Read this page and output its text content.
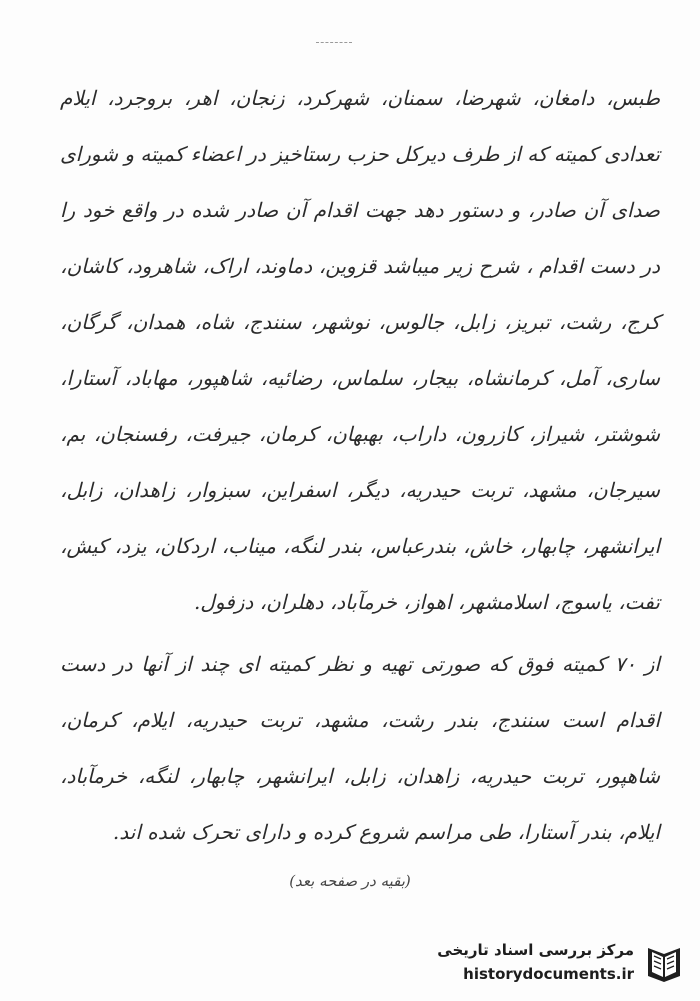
طبس، دامغان، شهرضا، سمنان، شهرکرد، زنجان، اهر، بروجرد، ایلام تعدادی کمیته که از طرف دیرکل حزب رستاخیز در اعضاء کمیته و شورای صدای آن صادر، و دستور دهد جهت اقدام آن صادر شده در واقع خود را در دست اقدام ، شرح زیر میباشد قزوین، دماوند، اراک، شاهرود، کاشان، کرج، رشت، تبریز، زابل، جالوس، نوشهر، سنندج، شاه، همدان، گرگان، ساری، آمل، کرمانشاه، بیجار، سلماس، رضائیه، شاهپور، مهاباد، آستارا، شوشتر، شیراز، کازرون، داراب، بهبهان، کرمان، جیرفت، رفسنجان، بم، سیرجان، مشهد، تربت حیدریه، دیگر، اسفراین، سبزوار، زاهدان، زابل، ایرانشهر، چابهار، خاش، بندرعباس، بندر لنگه، میناب، اردکان، یزد، کیش، تفت، یاسوج، اسلامشهر، اهواز، خرمآباد، دهلران، دزفول.

از ۷۰ کمیته فوق که صورتی تهیه و نظر کمیته ای چند از آنها در دست اقدام است سنندج، بندر رشت، مشهد، تربت حیدریه، ایلام، کرمان، شاهپور، تربت حیدریه، زاهدان، زابل، ایرانشهر، چابهار، لنگه، خرمآباد، ایلام، بندر آستارا، طی مراسم شروع کرده و دارای تحرک شده اند.

(بقیه در صفحه بعد)
مرکز بررسی اسناد تاریخی
historydocuments.ir
